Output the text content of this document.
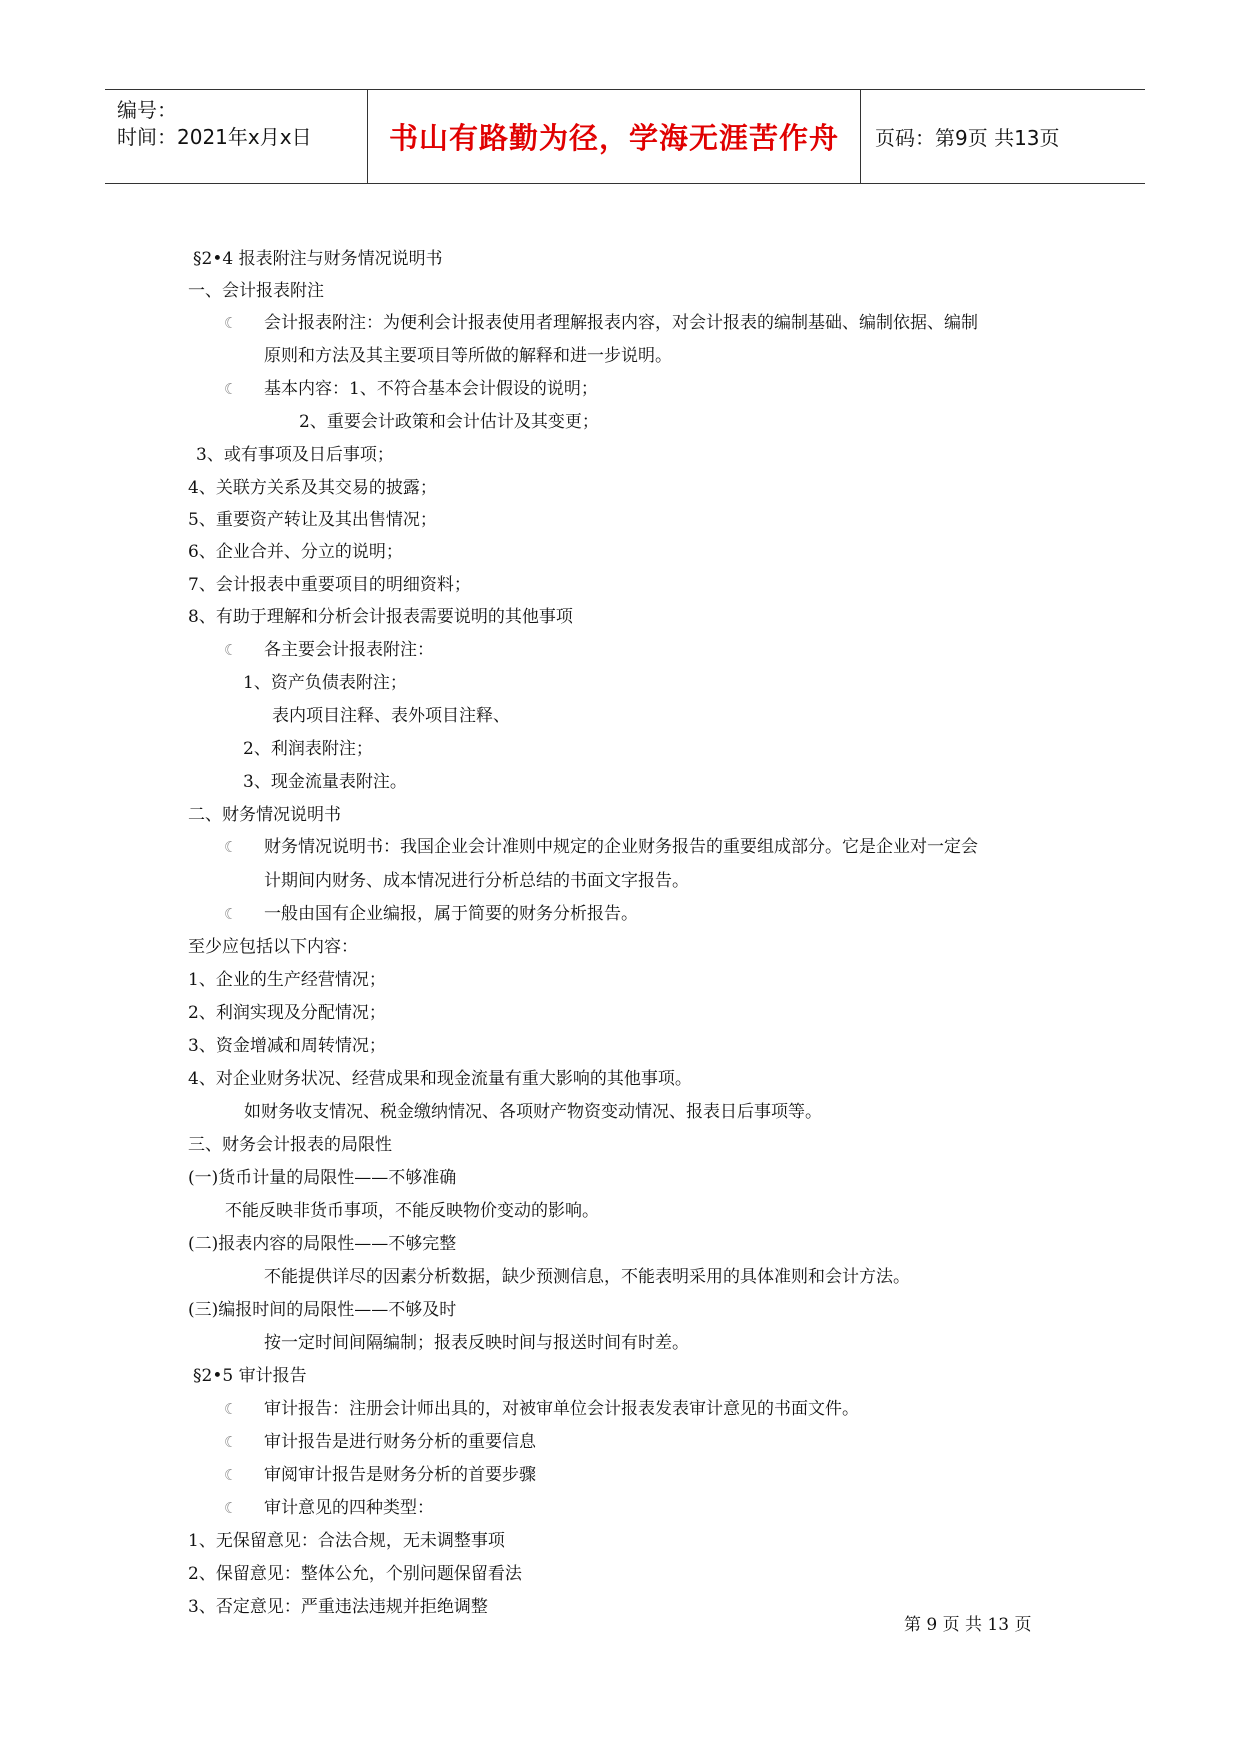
编号：
时间：2021年x月x日	书山有路勤为径，学海无涯苦作舟 页码：第9页 共13页
§2•4 报表附注与财务情况说明书
一、会计报表附注
☾ 会计报表附注：为便利会计报表使用者理解报表内容，对会计报表的编制基础、编制依据、编制
原则和方法及其主要项目等所做的解释和进一步说明。
☾ 基本内容：1、不符合基本会计假设的说明；
2、重要会计政策和会计估计及其变更；
3、或有事项及日后事项；
4、关联方关系及其交易的披露；
5、重要资产转让及其出售情况；
6、企业合并、分立的说明；
7、会计报表中重要项目的明细资料；
8、有助于理解和分析会计报表需要说明的其他事项
☾ 各主要会计报表附注：
1、资产负债表附注；
表内项目注释、表外项目注释、
2、利润表附注；
3、现金流量表附注。
二、财务情况说明书
☾ 财务情况说明书：我国企业会计准则中规定的企业财务报告的重要组成部分。它是企业对一定会
计期间内财务、成本情况进行分析总结的书面文字报告。
☾ 一般由国有企业编报，属于简要的财务分析报告。
至少应包括以下内容：
1、企业的生产经营情况；
2、利润实现及分配情况；
3、资金增减和周转情况；
4、对企业财务状况、经营成果和现金流量有重大影响的其他事项。
如财务收支情况、税金缴纳情况、各项财产物资变动情况、报表日后事项等。
三、财务会计报表的局限性
(一)货币计量的局限性——不够准确
不能反映非货币事项，不能反映物价变动的影响。
(二)报表内容的局限性——不够完整
不能提供详尽的因素分析数据，缺少预测信息，不能表明采用的具体准则和会计方法。
(三)编报时间的局限性——不够及时
按一定时间间隔编制；报表反映时间与报送时间有时差。
§2•5 审计报告
☾ 审计报告：注册会计师出具的，对被审单位会计报表发表审计意见的书面文件。
☾ 审计报告是进行财务分析的重要信息
☾ 审阅审计报告是财务分析的首要步骤
☾ 审计意见的四种类型：
1、无保留意见：合法合规，无未调整事项
2、保留意见：整体公允，个别问题保留看法
3、否定意见：严重违法违规并拒绝调整
第 9 页 共 13 页
